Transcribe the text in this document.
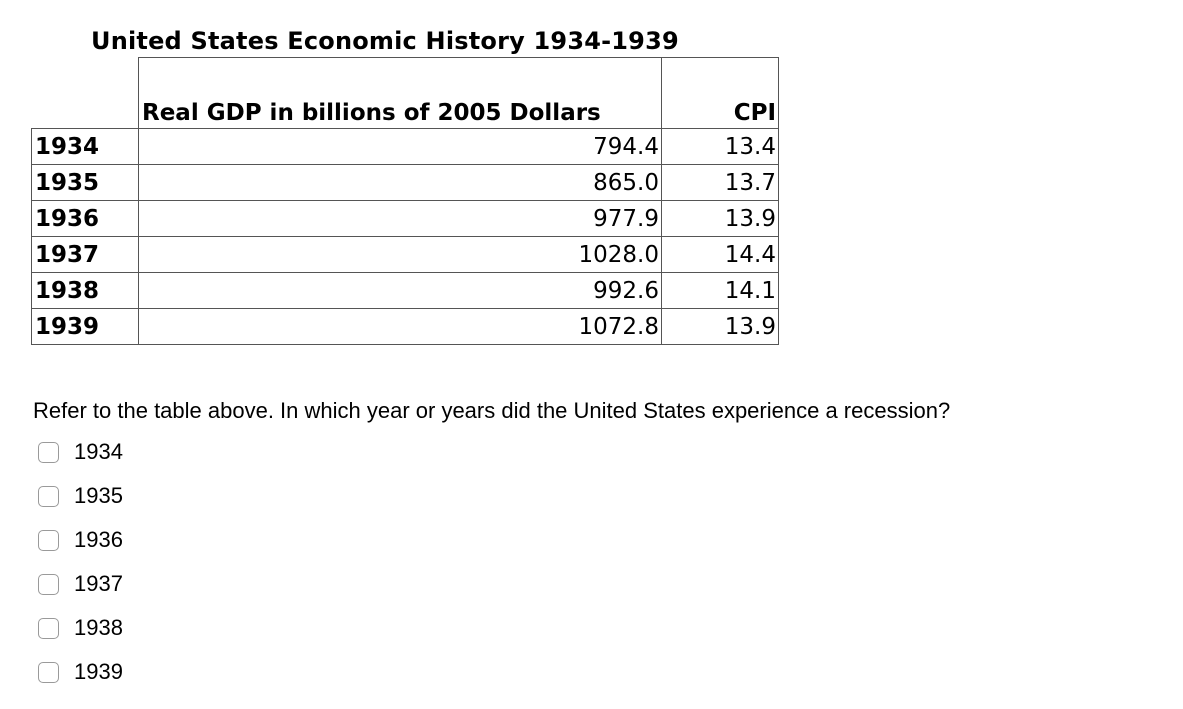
United States Economic History 1934-1939
	Real GDP in billions of 2005 Dollars	CPI
1934	794.4	13.4
1935	865.0	13.7
1936	977.9	13.9
1937	1028.0	14.4
1938	992.6	14.1
1939	1072.8	13.9
Refer to the table above. In which year or years did the United States experience a recession?
1934
1935
1936
1937
1938
1939
